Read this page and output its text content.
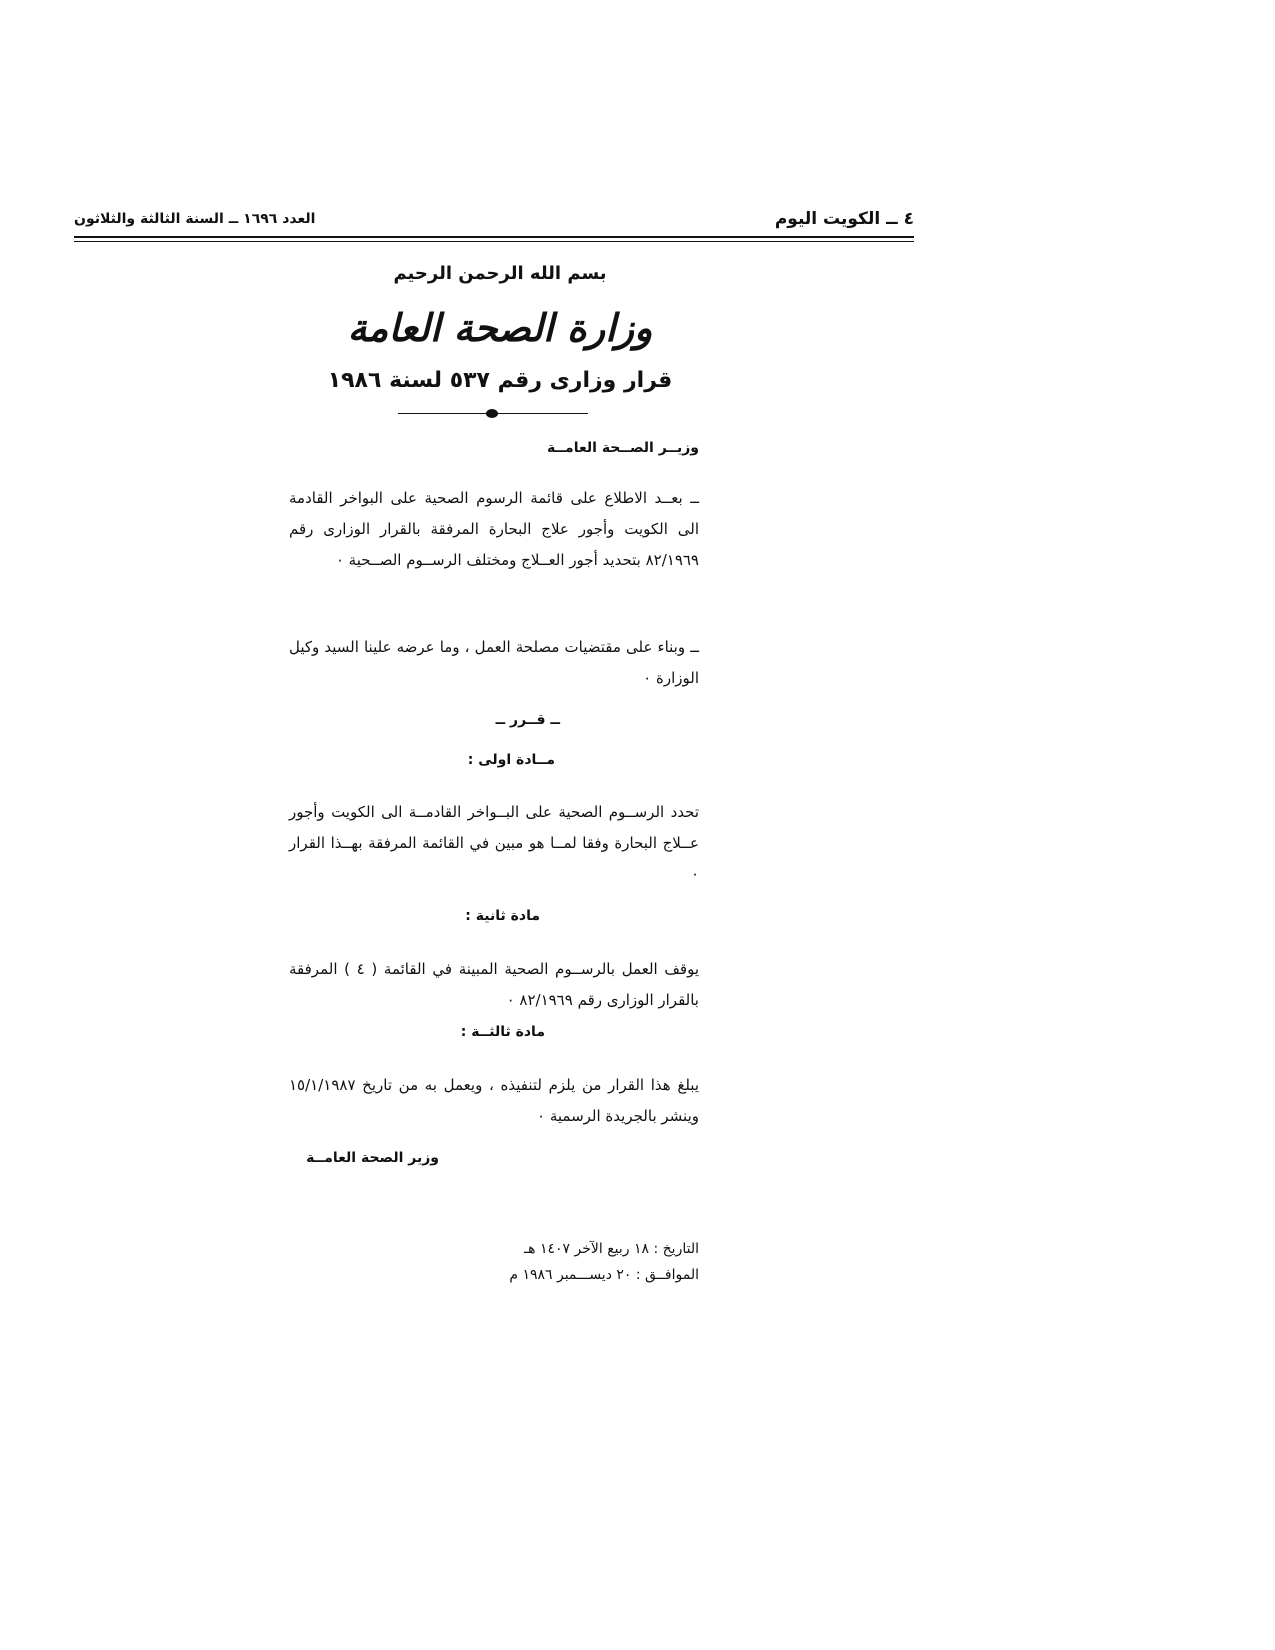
٤ ــ الكويت اليوم
العدد ١٦٩٦ ــ السنة الثالثة والثلاثون
بسم الله الرحمن الرحيم
وزارة الصحة العامة
قرار وزارى رقم ٥٣٧ لسنة ١٩٨٦
وزيــر الصــحة العامــة
ــ بعــد الاطلاع على قائمة الرسوم الصحية على البواخر القادمة الى الكويت وأجور علاج البحارة المرفقة بالقرار الوزارى رقم ٨٢/١٩٦٩ بتحديد أجور العــلاج ومختلف الرســوم الصــحية ٠
ــ وبناء على مقتضيات مصلحة العمل ، وما عرضه علينا السيد وكيل الوزارة ٠
ــ قــرر ــ
مــادة اولى :
تحدد الرســوم الصحية على البــواخر القادمــة الى الكويت وأجور عــلاج البحارة وفقا لمــا هو مبين في القائمة المرفقة بهــذا القرار ٠
مادة ثانية :
يوقف العمل بالرســوم الصحية المبينة في القائمة ( ٤ ) المرفقة بالقرار الوزارى رقم ٨٢/١٩٦٩ ٠
مادة ثالثــة :
يبلغ هذا القرار من يلزم لتنفيذه ، ويعمل به من تاريخ ١٥/١/١٩٨٧ وينشر بالجريدة الرسمية ٠
وزير الصحة العامــة
التاريخ : ١٨ ربيع الآخر ١٤٠٧ هـ
الموافــق : ٢٠ ديســـمبر ١٩٨٦ م
